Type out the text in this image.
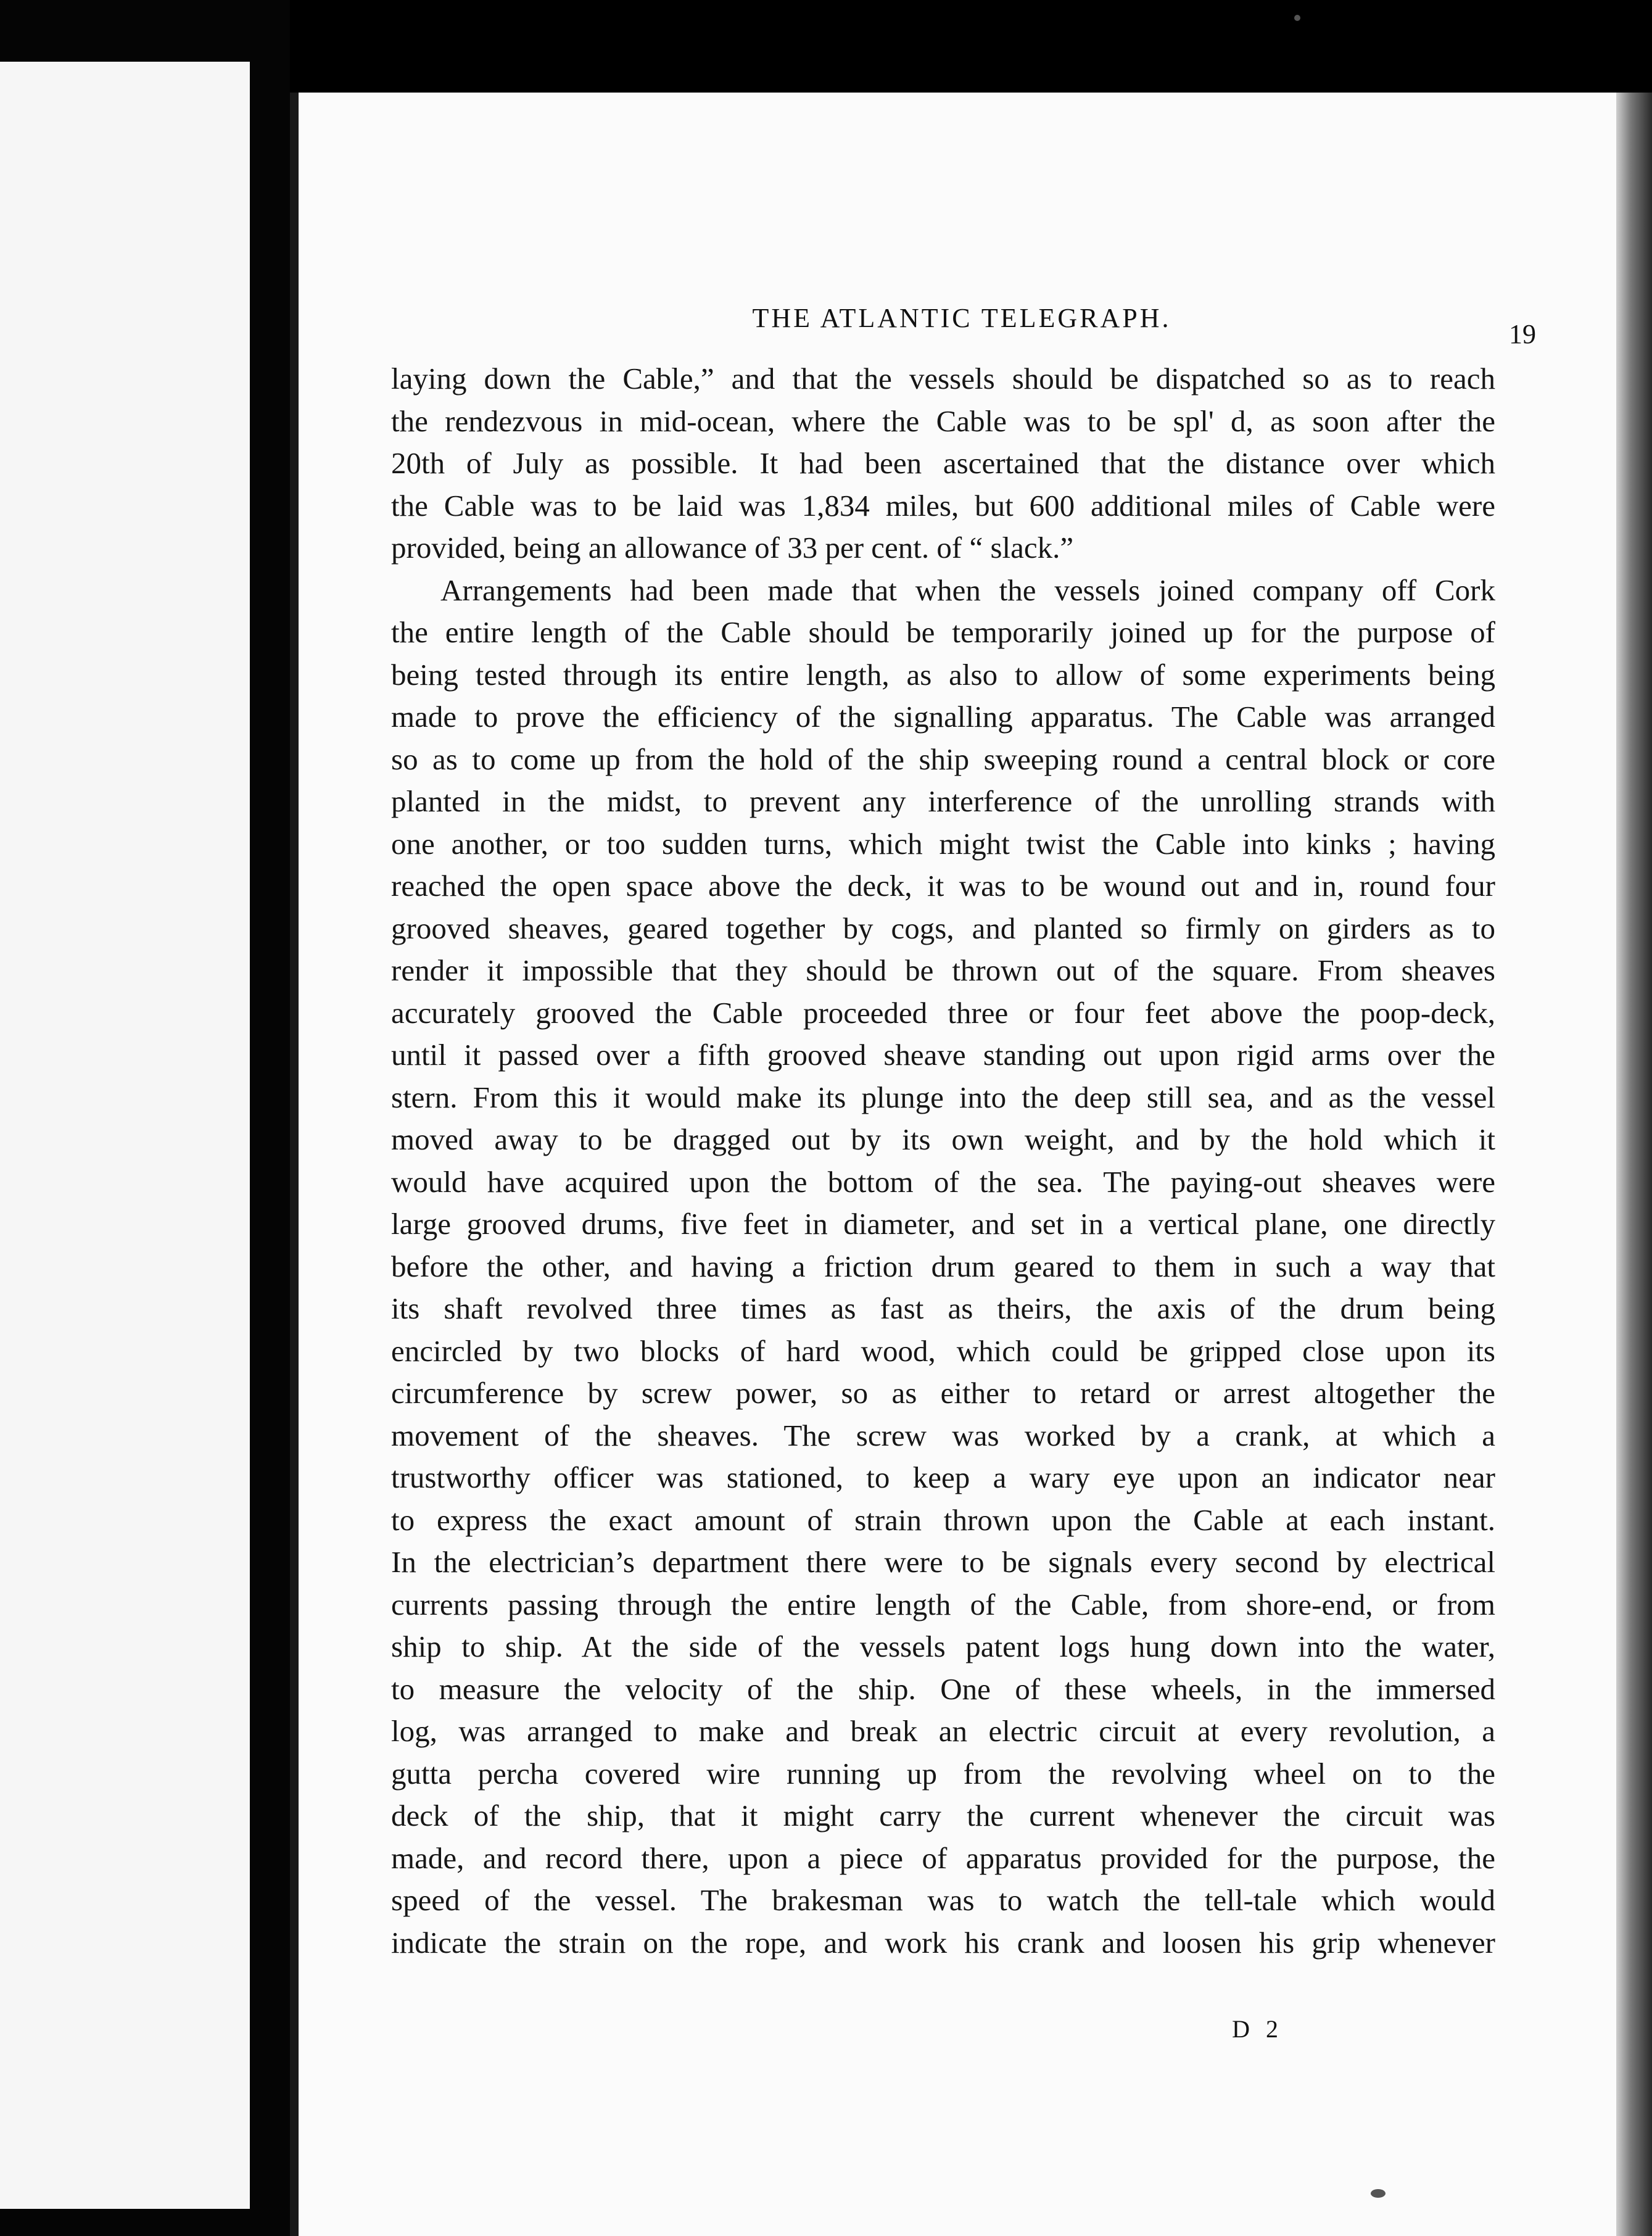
THE ATLANTIC TELEGRAPH.
19
laying down the Cable,” and that the vessels should be dispatched so as to reach
the rendezvous in mid-ocean, where the Cable was to be spl' d, as soon after the
20th of July as possible. It had been ascertained that the distance over which
the Cable was to be laid was 1,834 miles, but 600 additional miles of Cable were
provided, being an allowance of 33 per cent. of “ slack.”
Arrangements had been made that when the vessels joined company off Cork
the entire length of the Cable should be temporarily joined up for the purpose of
being tested through its entire length, as also to allow of some experiments being
made to prove the efficiency of the signalling apparatus. The Cable was arranged
so as to come up from the hold of the ship sweeping round a central block or core
planted in the midst, to prevent any interference of the unrolling strands with
one another, or too sudden turns, which might twist the Cable into kinks ; having
reached the open space above the deck, it was to be wound out and in, round four
grooved sheaves, geared together by cogs, and planted so firmly on girders as to
render it impossible that they should be thrown out of the square. From sheaves
accurately grooved the Cable proceeded three or four feet above the poop-deck,
until it passed over a fifth grooved sheave standing out upon rigid arms over the
stern. From this it would make its plunge into the deep still sea, and as the vessel
moved away to be dragged out by its own weight, and by the hold which it
would have acquired upon the bottom of the sea. The paying-out sheaves were
large grooved drums, five feet in diameter, and set in a vertical plane, one directly
before the other, and having a friction drum geared to them in such a way that
its shaft revolved three times as fast as theirs, the axis of the drum being
encircled by two blocks of hard wood, which could be gripped close upon its
circumference by screw power, so as either to retard or arrest altogether the
movement of the sheaves. The screw was worked by a crank, at which a
trustworthy officer was stationed, to keep a wary eye upon an indicator near
to express the exact amount of strain thrown upon the Cable at each instant.
In the electrician’s department there were to be signals every second by electrical
currents passing through the entire length of the Cable, from shore-end, or from
ship to ship. At the side of the vessels patent logs hung down into the water,
to measure the velocity of the ship. One of these wheels, in the immersed
log, was arranged to make and break an electric circuit at every revolution, a
gutta percha covered wire running up from the revolving wheel on to the
deck of the ship, that it might carry the current whenever the circuit was
made, and record there, upon a piece of apparatus provided for the purpose, the
speed of the vessel. The brakesman was to watch the tell-tale which would
indicate the strain on the rope, and work his crank and loosen his grip whenever
D 2
